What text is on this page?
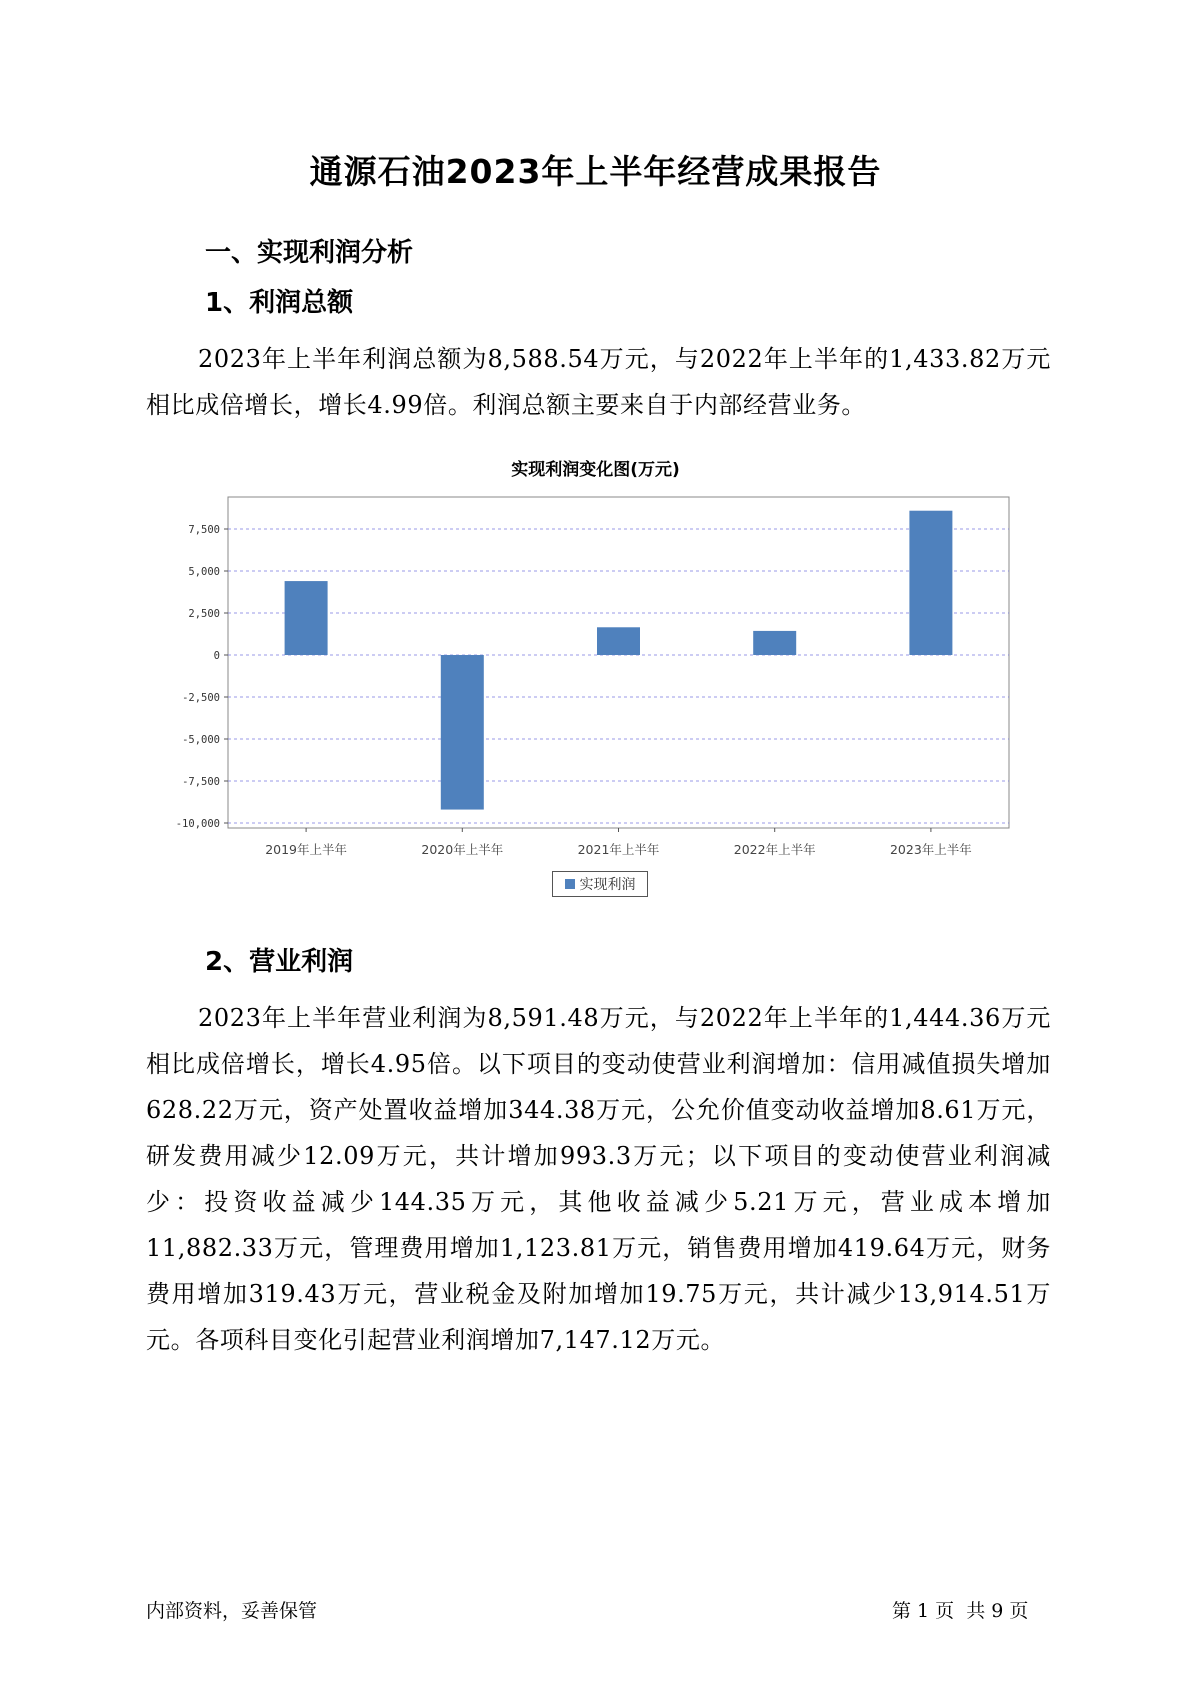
通源石油2023年上半年经营成果报告
一、实现利润分析
1、利润总额
2023年上半年利润总额为8,588.54万元，与2022年上半年的1,433.82万元相比成倍增长，增长4.99倍。利润总额主要来自于内部经营业务。
实现利润变化图(万元)
7,500
5,000
2,500
0
-2,500
-5,000
-7,500
-10,000
2019年上半年	2020年上半年	2021年上半年	2022年上半年	2023年上半年
实现利润
2、营业利润
2023年上半年营业利润为8,591.48万元，与2022年上半年的1,444.36万元相比成倍增长，增长4.95倍。以下项目的变动使营业利润增加：信用减值损失增加628.22万元，资产处置收益增加344.38万元，公允价值变动收益增加8.61万元，研发费用减少12.09万元，共计增加993.3万元；以下项目的变动使营业利润减少：投资收益减少144.35万元，其他收益减少5.21万元，营业成本增加11,882.33万元，管理费用增加1,123.81万元，销售费用增加419.64万元，财务费用增加319.43万元，营业税金及附加增加19.75万元，共计减少13,914.51万元。各项科目变化引起营业利润增加7,147.12万元。
内部资料，妥善保管	第 1 页  共 9 页
